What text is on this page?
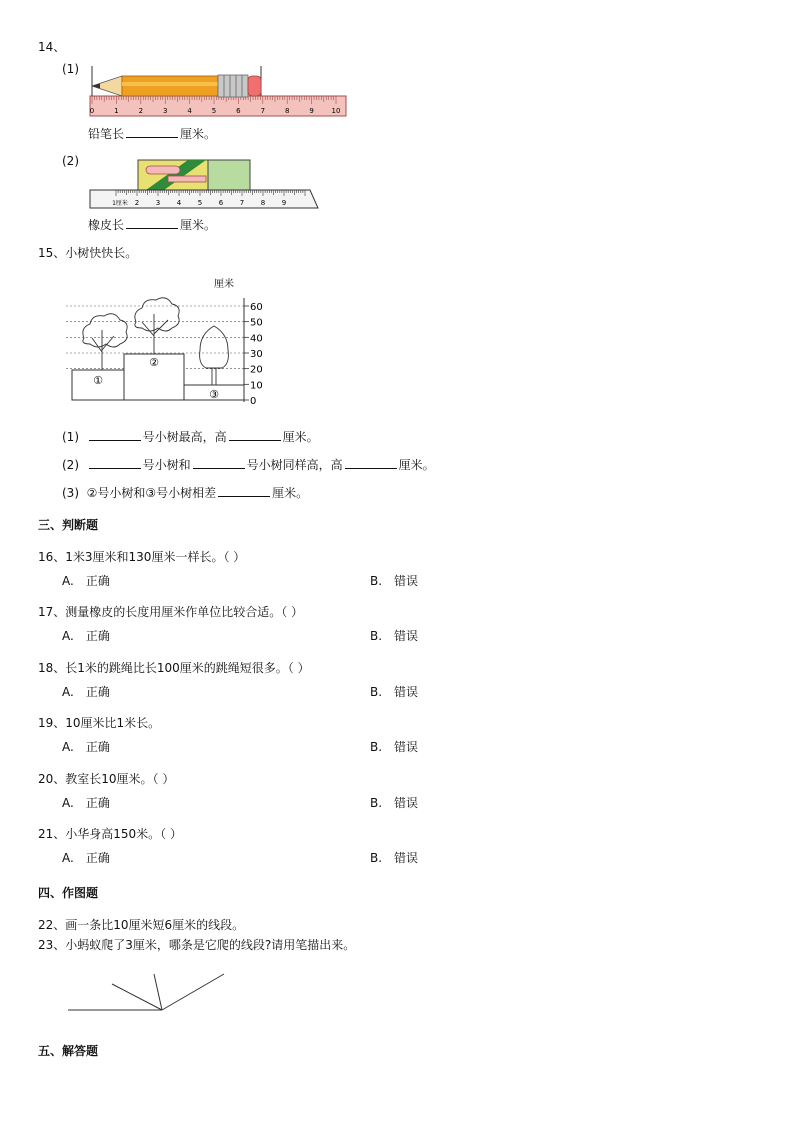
14、
(1)
0	1	2	3	4	5	6	7	8	9	10
铅笔长	厘米。
(2)
1厘米 2 3 4 5 6 7 8 9
橡皮长	厘米。
15、小树快快长。
厘米
60
50
40
30
20
10
0
①
②
③
(1)	号小树最高，高	厘米。
(2)	号小树和	号小树同样高，高	厘米。
(3) ②号小树和③号小树相差	厘米。
三、判断题
16、1米3厘米和130厘米一样长。（ ）
A.　正确	B.　错误
17、测量橡皮的长度用厘米作单位比较合适。（ ）
A.　正确	B.　错误
18、长1米的跳绳比长100厘米的跳绳短很多。（ ）
A.　正确	B.　错误
19、10厘米比1米长。
A.　正确	B.　错误
20、教室长10厘米。（ ）
A.　正确	B.　错误
21、小华身高150米。（ ）
A.　正确	B.　错误
四、作图题
22、画一条比10厘米短6厘米的线段。
23、小蚂蚁爬了3厘米，哪条是它爬的线段?请用笔描出来。
五、解答题
